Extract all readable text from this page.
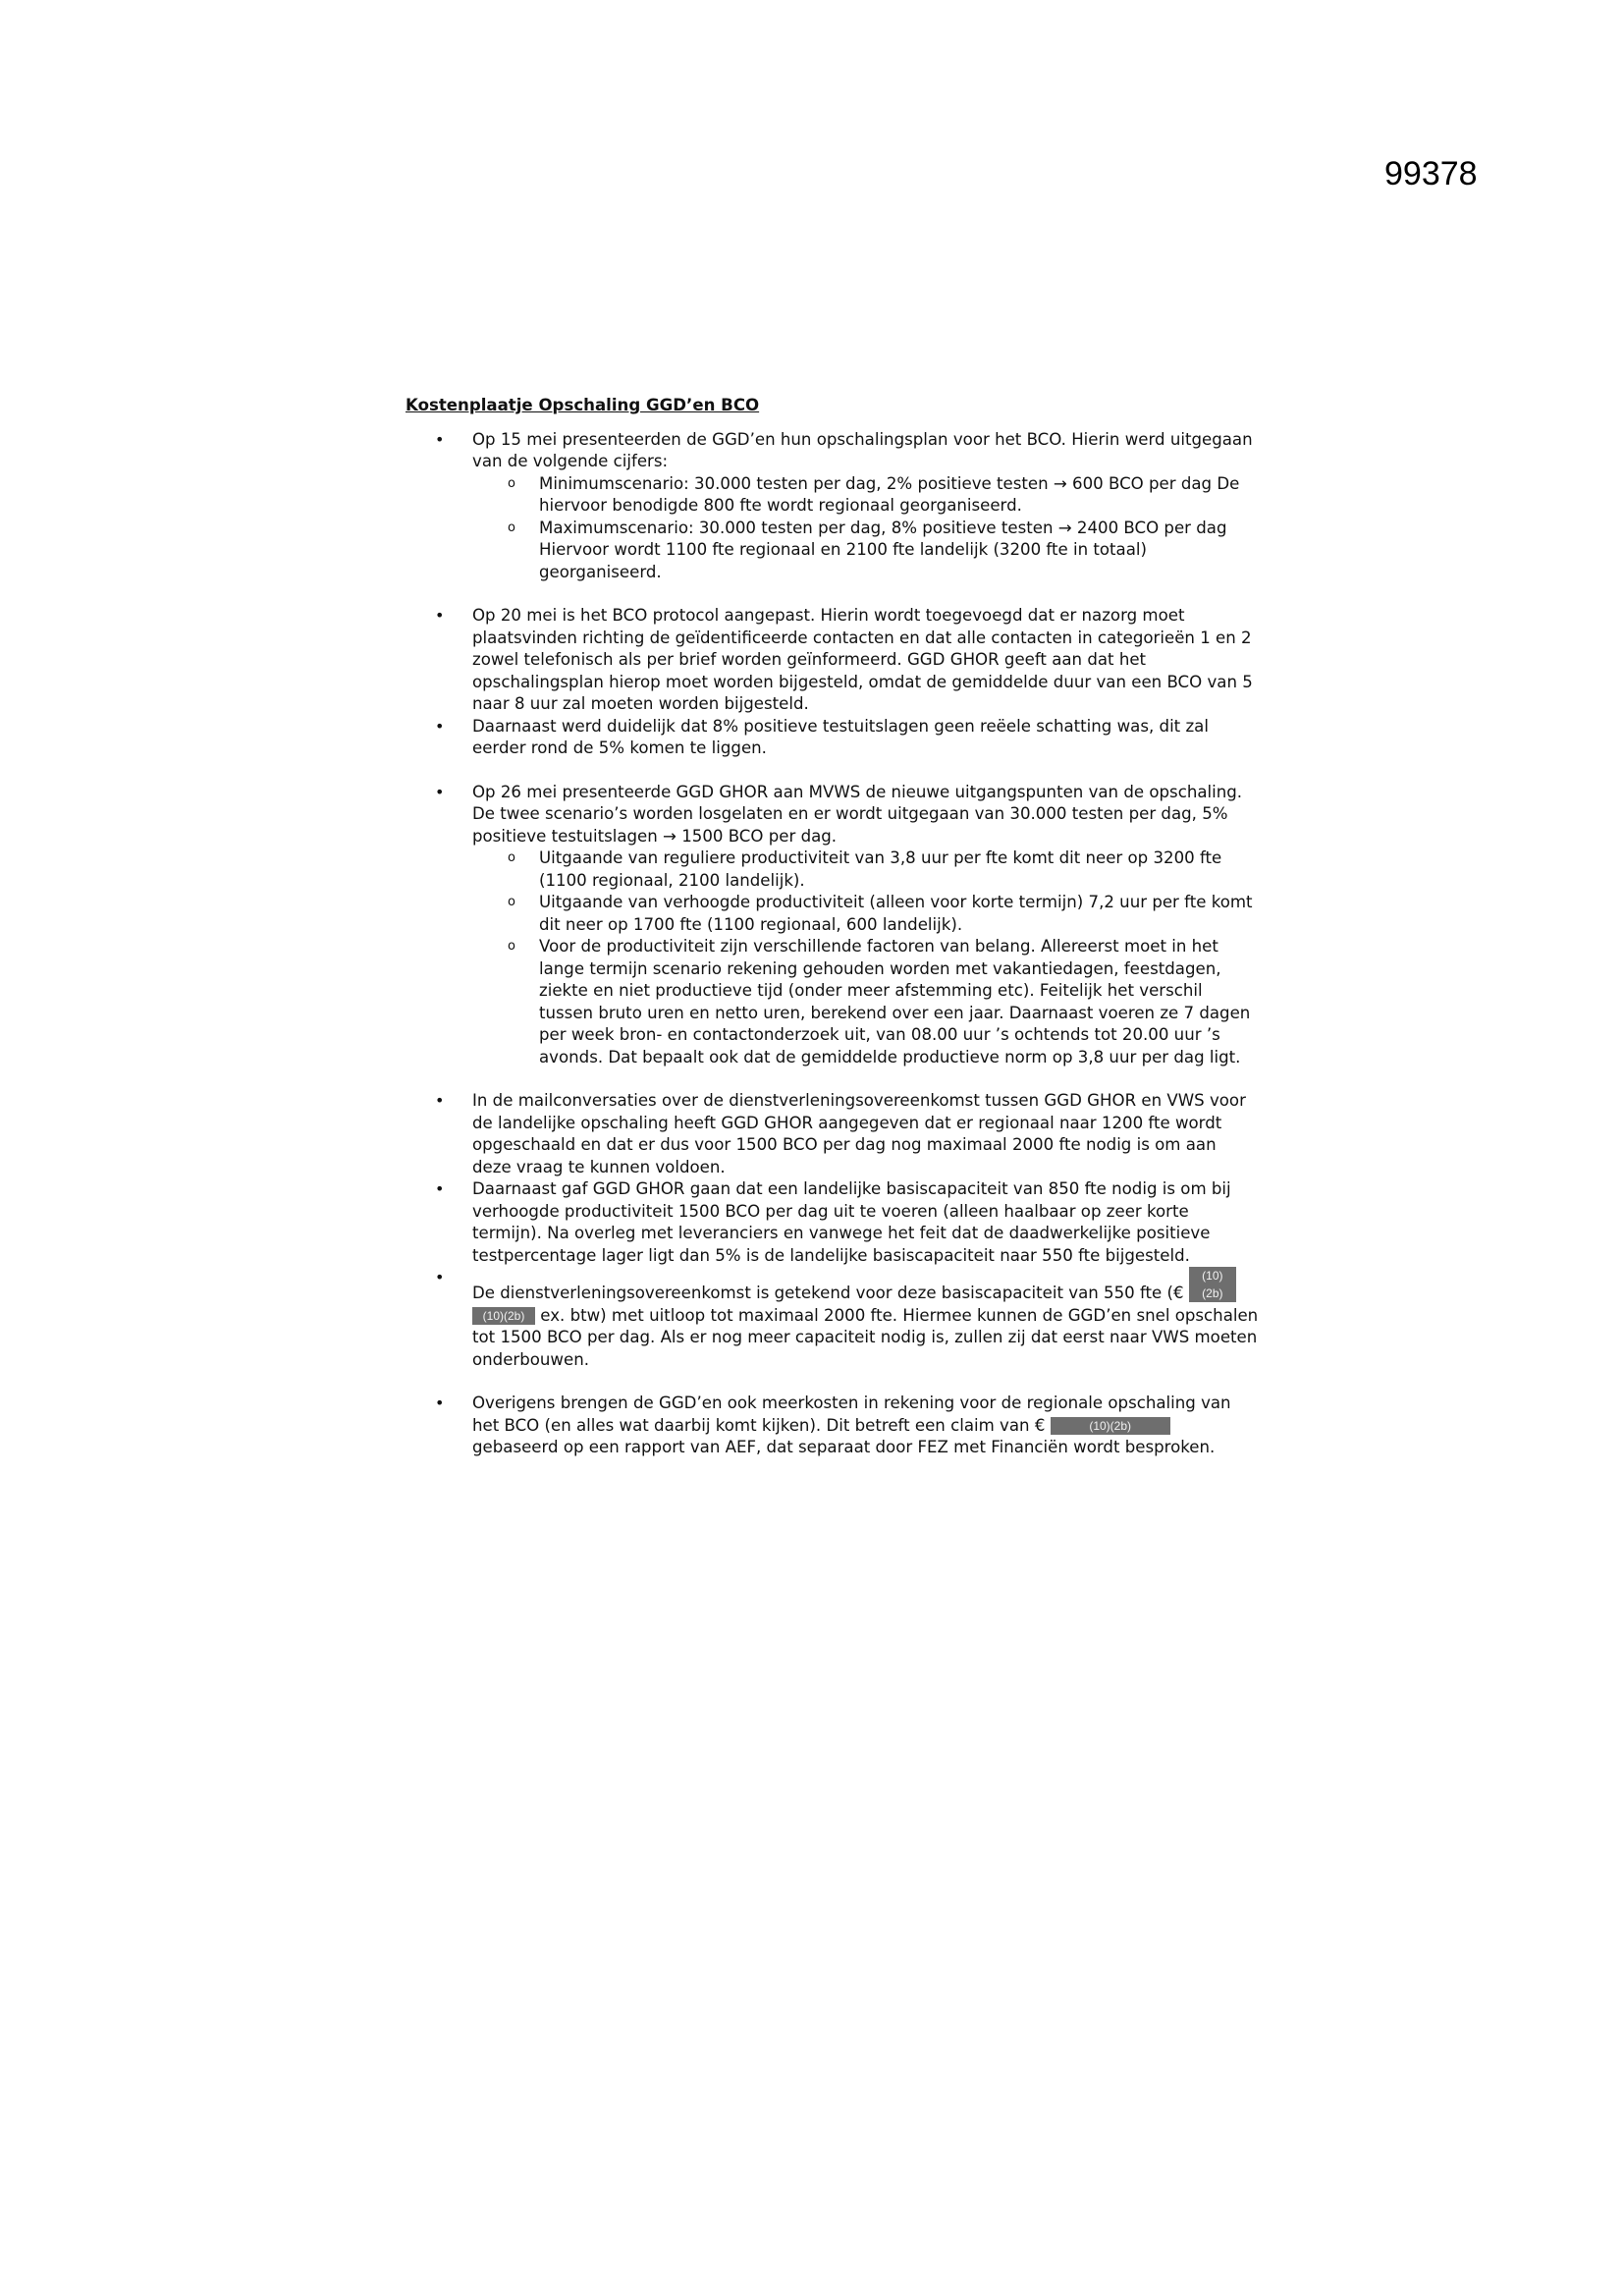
99378
Kostenplaatje Opschaling GGD’en BCO
• Op 15 mei presenteerden de GGD’en hun opschalingsplan voor het BCO. Hierin werd uitgegaan van de volgende cijfers:
o Minimumscenario: 30.000 testen per dag, 2% positieve testen → 600 BCO per dag De hiervoor benodigde 800 fte wordt regionaal georganiseerd.
o Maximumscenario: 30.000 testen per dag, 8% positieve testen → 2400 BCO per dag Hiervoor wordt 1100 fte regionaal en 2100 fte landelijk (3200 fte in totaal) georganiseerd.
• Op 20 mei is het BCO protocol aangepast. Hierin wordt toegevoegd dat er nazorg moet plaatsvinden richting de geïdentificeerde contacten en dat alle contacten in categorieën 1 en 2 zowel telefonisch als per brief worden geïnformeerd. GGD GHOR geeft aan dat het opschalingsplan hierop moet worden bijgesteld, omdat de gemiddelde duur van een BCO van 5 naar 8 uur zal moeten worden bijgesteld.
• Daarnaast werd duidelijk dat 8% positieve testuitslagen geen reëele schatting was, dit zal eerder rond de 5% komen te liggen.
• Op 26 mei presenteerde GGD GHOR aan MVWS de nieuwe uitgangspunten van de opschaling. De twee scenario’s worden losgelaten en er wordt uitgegaan van 30.000 testen per dag, 5% positieve testuitslagen → 1500 BCO per dag.
o Uitgaande van reguliere productiviteit van 3,8 uur per fte komt dit neer op 3200 fte (1100 regionaal, 2100 landelijk).
o Uitgaande van verhoogde productiviteit (alleen voor korte termijn) 7,2 uur per fte komt dit neer op 1700 fte (1100 regionaal, 600 landelijk).
o Voor de productiviteit zijn verschillende factoren van belang. Allereerst moet in het lange termijn scenario rekening gehouden worden met vakantiedagen, feestdagen, ziekte en niet productieve tijd (onder meer afstemming etc). Feitelijk het verschil tussen bruto uren en netto uren, berekend over een jaar. Daarnaast voeren ze 7 dagen per week bron- en contactonderzoek uit, van 08.00 uur ’s ochtends tot 20.00 uur ’s avonds. Dat bepaalt ook dat de gemiddelde productieve norm op 3,8 uur per dag ligt.
• In de mailconversaties over de dienstverleningsovereenkomst tussen GGD GHOR en VWS voor de landelijke opschaling heeft GGD GHOR aangegeven dat er regionaal naar 1200 fte wordt opgeschaald en dat er dus voor 1500 BCO per dag nog maximaal 2000 fte nodig is om aan deze vraag te kunnen voldoen.
• Daarnaast gaf GGD GHOR gaan dat een landelijke basiscapaciteit van 850 fte nodig is om bij verhoogde productiviteit 1500 BCO per dag uit te voeren (alleen haalbaar op zeer korte termijn). Na overleg met leveranciers en vanwege het feit dat de daadwerkelijke positieve testpercentage lager ligt dan 5% is de landelijke basiscapaciteit naar 550 fte bijgesteld.
• De dienstverleningsovereenkomst is getekend voor deze basiscapaciteit van 550 fte (€ (10)(2b) (10)(2b) ex. btw) met uitloop tot maximaal 2000 fte. Hiermee kunnen de GGD’en snel opschalen tot 1500 BCO per dag. Als er nog meer capaciteit nodig is, zullen zij dat eerst naar VWS moeten onderbouwen.
• Overigens brengen de GGD’en ook meerkosten in rekening voor de regionale opschaling van het BCO (en alles wat daarbij komt kijken). Dit betreft een claim van €	(10)(2b) gebaseerd op een rapport van AEF, dat separaat door FEZ met Financiën wordt besproken.
